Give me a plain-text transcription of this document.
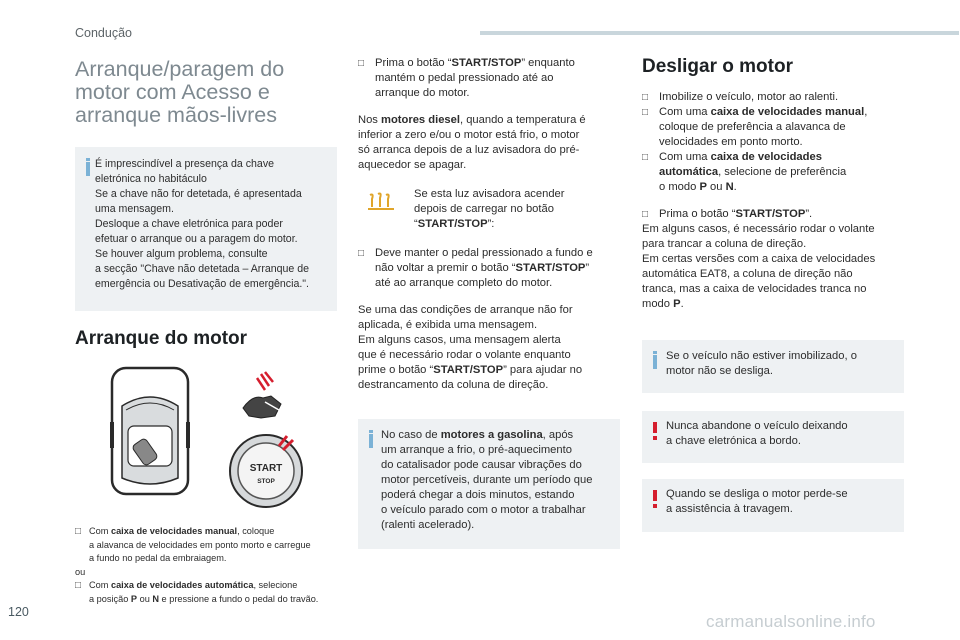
Condução
Arranque/paragem do
motor com Acesso e
arranque mãos-livres

É imprescindível a presença da chave

eletrónica no habitáculo

Se a chave não for detetada, é apresentada

uma mensagem.

Desloque a chave eletrónica para poder

efetuar o arranque ou a paragem do motor.

Se houver algum problema, consulte

a secção "Chave não detetada – Arranque de

emergência ou Desativação de emergência.".

Arranque do motor
START
STOP
□ Com caixa de velocidades manual, coloque
a alavanca de velocidades em ponto morto e carregue
a fundo no pedal da embraiagem.
ou
□ Com caixa de velocidades automática, selecione
a posição P ou N e pressione a fundo o pedal do travão.
□ Prima o botão “START/STOP” enquanto
mantém o pedal pressionado até ao
arranque do motor.

Nos motores diesel, quando a temperatura é

inferior a zero e/ou o motor está frio, o motor

só arranca depois de a luz avisadora do pré-

aquecedor se apagar.

Se esta luz avisadora acender

depois de carregar no botão

“START/STOP”:

□ Deve manter o pedal pressionado a fundo e
não voltar a premir o botão “START/STOP”
até ao arranque completo do motor.

Se uma das condições de arranque não for

aplicada, é exibida uma mensagem.

Em alguns casos, uma mensagem alerta

que é necessário rodar o volante enquanto

prime o botão “START/STOP” para ajudar no

destrancamento da coluna de direção.

No caso de motores a gasolina, após

um arranque a frio, o pré-aquecimento

do catalisador pode causar vibrações do

motor percetíveis, durante um período que

poderá chegar a dois minutos, estando

o veículo parado com o motor a trabalhar

(ralenti acelerado).

Desligar o motor
□ Imobilize o veículo, motor ao ralenti.
□ Com uma caixa de velocidades manual,
coloque de preferência a alavanca de
velocidades em ponto morto.
□ Com uma caixa de velocidades
automática, selecione de preferência
o modo P ou N.
□ Prima o botão “START/STOP”.

Em alguns casos, é necessário rodar o volante

para trancar a coluna de direção.

Em certas versões com a caixa de velocidades

automática EAT8, a coluna de direção não

tranca, mas a caixa de velocidades tranca no

modo P.

Se o veículo não estiver imobilizado, o

motor não se desliga.

Nunca abandone o veículo deixando

a chave eletrónica a bordo.

Quando se desliga o motor perde-se

a assistência à travagem.

120	carmanualsonline.info
